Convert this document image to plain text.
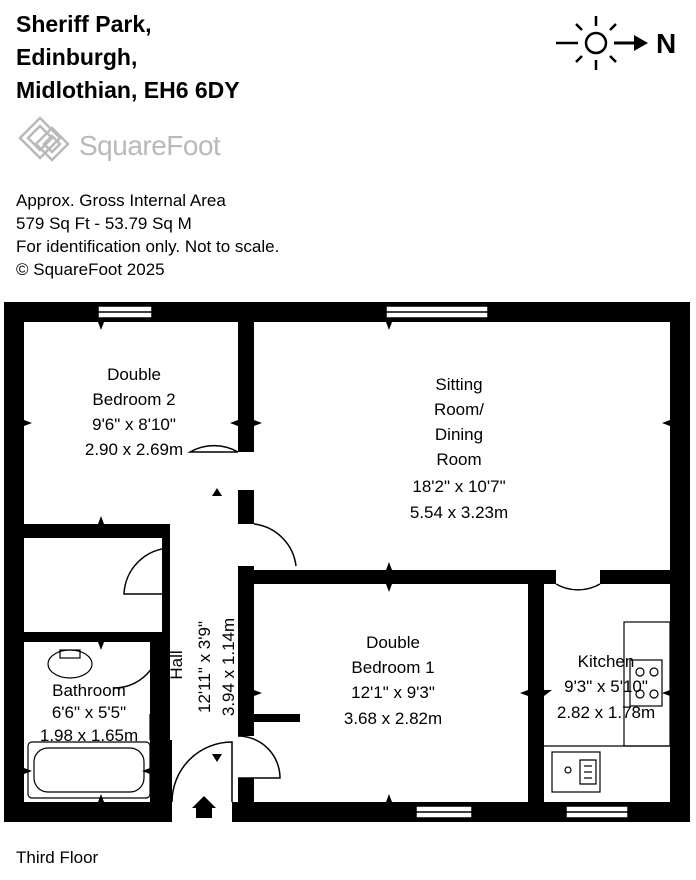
Sheriff Park,
Edinburgh,
Midlothian, EH6 6DY
N
SquareFoot
Approx. Gross Internal Area
579 Sq Ft - 53.79 Sq M
For identification only. Not to scale.
© SquareFoot 2025
Double
Bedroom 2
9'6" x 8'10"
2.90 x 2.69m
Sitting
Room/
Dining
Room
18'2" x 10'7"
5.54 x 3.23m
Double
Bedroom 1
12'1" x 9'3"
3.68 x 2.82m
Kitchen
9'3" x 5'10"
2.82 x 1.78m
Bathroom
6'6" x 5'5"
1.98 x 1.65m
Hall 12'11" x 3'9" 3.94 x 1.14m
Third Floor
